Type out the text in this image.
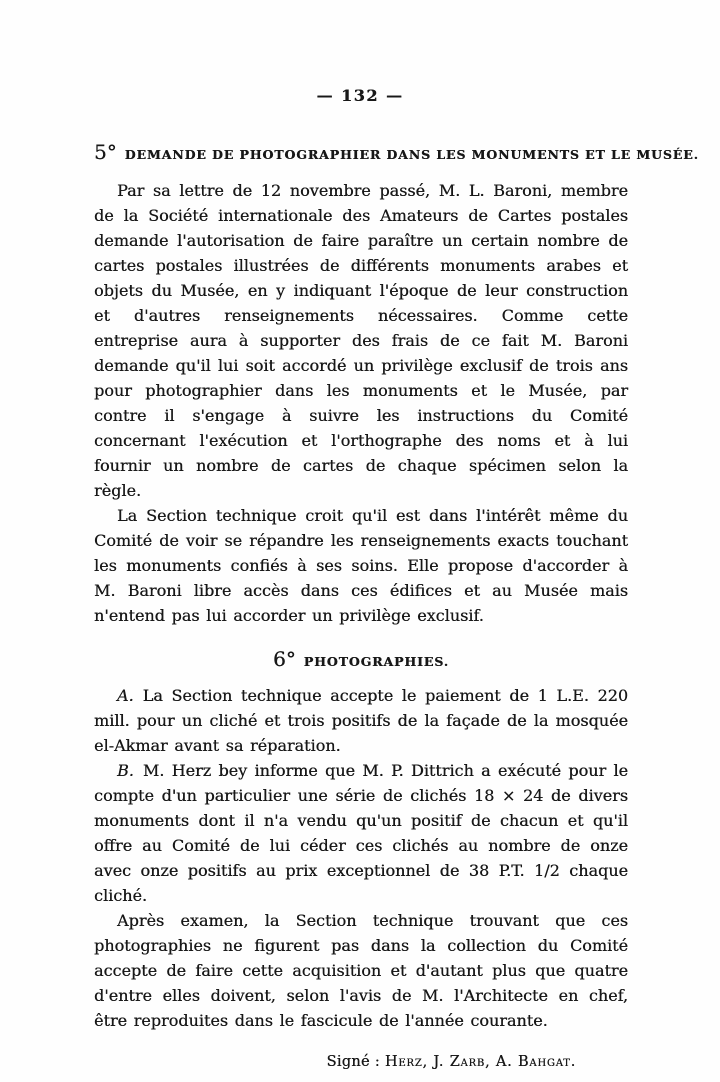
— 132 —
5° DEMANDE DE PHOTOGRAPHIER DANS LES MONUMENTS ET LE MUSÉE.

Par sa lettre de 12 novembre passé, M. L. Baroni, membre de la Société internationale des Amateurs de Cartes postales demande l'autorisation de faire paraître un certain nombre de cartes postales illustrées de différents monuments arabes et objets du Musée, en y indiquant l'époque de leur construction et d'autres renseignements nécessaires. Comme cette entreprise aura à supporter des frais de ce fait M. Baroni demande qu'il lui soit accordé un privilège exclusif de trois ans pour photographier dans les monuments et le Musée, par contre il s'engage à suivre les instructions du Comité concernant l'exécution et l'orthographe des noms et à lui fournir un nombre de cartes de chaque spécimen selon la règle.

La Section technique croit qu'il est dans l'intérêt même du Comité de voir se répandre les renseignements exacts touchant les monuments confiés à ses soins. Elle propose d'accorder à M. Baroni libre accès dans ces édifices et au Musée mais n'entend pas lui accorder un privilège exclusif.

6° PHOTOGRAPHIES.

A. La Section technique accepte le paiement de 1 L.E. 220 mill. pour un cliché et trois positifs de la façade de la mosquée el-Akmar avant sa réparation.

B. M. Herz bey informe que M. P. Dittrich a exécuté pour le compte d'un particulier une série de clichés 18 × 24 de divers monuments dont il n'a vendu qu'un positif de chacun et qu'il offre au Comité de lui céder ces clichés au nombre de onze avec onze positifs au prix exceptionnel de 38 P.T. 1/2 chaque cliché.

Après examen, la Section technique trouvant que ces photographies ne figurent pas dans la collection du Comité accepte de faire cette acquisition et d'autant plus que quatre d'entre elles doivent, selon l'avis de M. l'Architecte en chef, être reproduites dans le fascicule de l'année courante.

Signé : Herz, J. Zarb, A. Bahgat.
